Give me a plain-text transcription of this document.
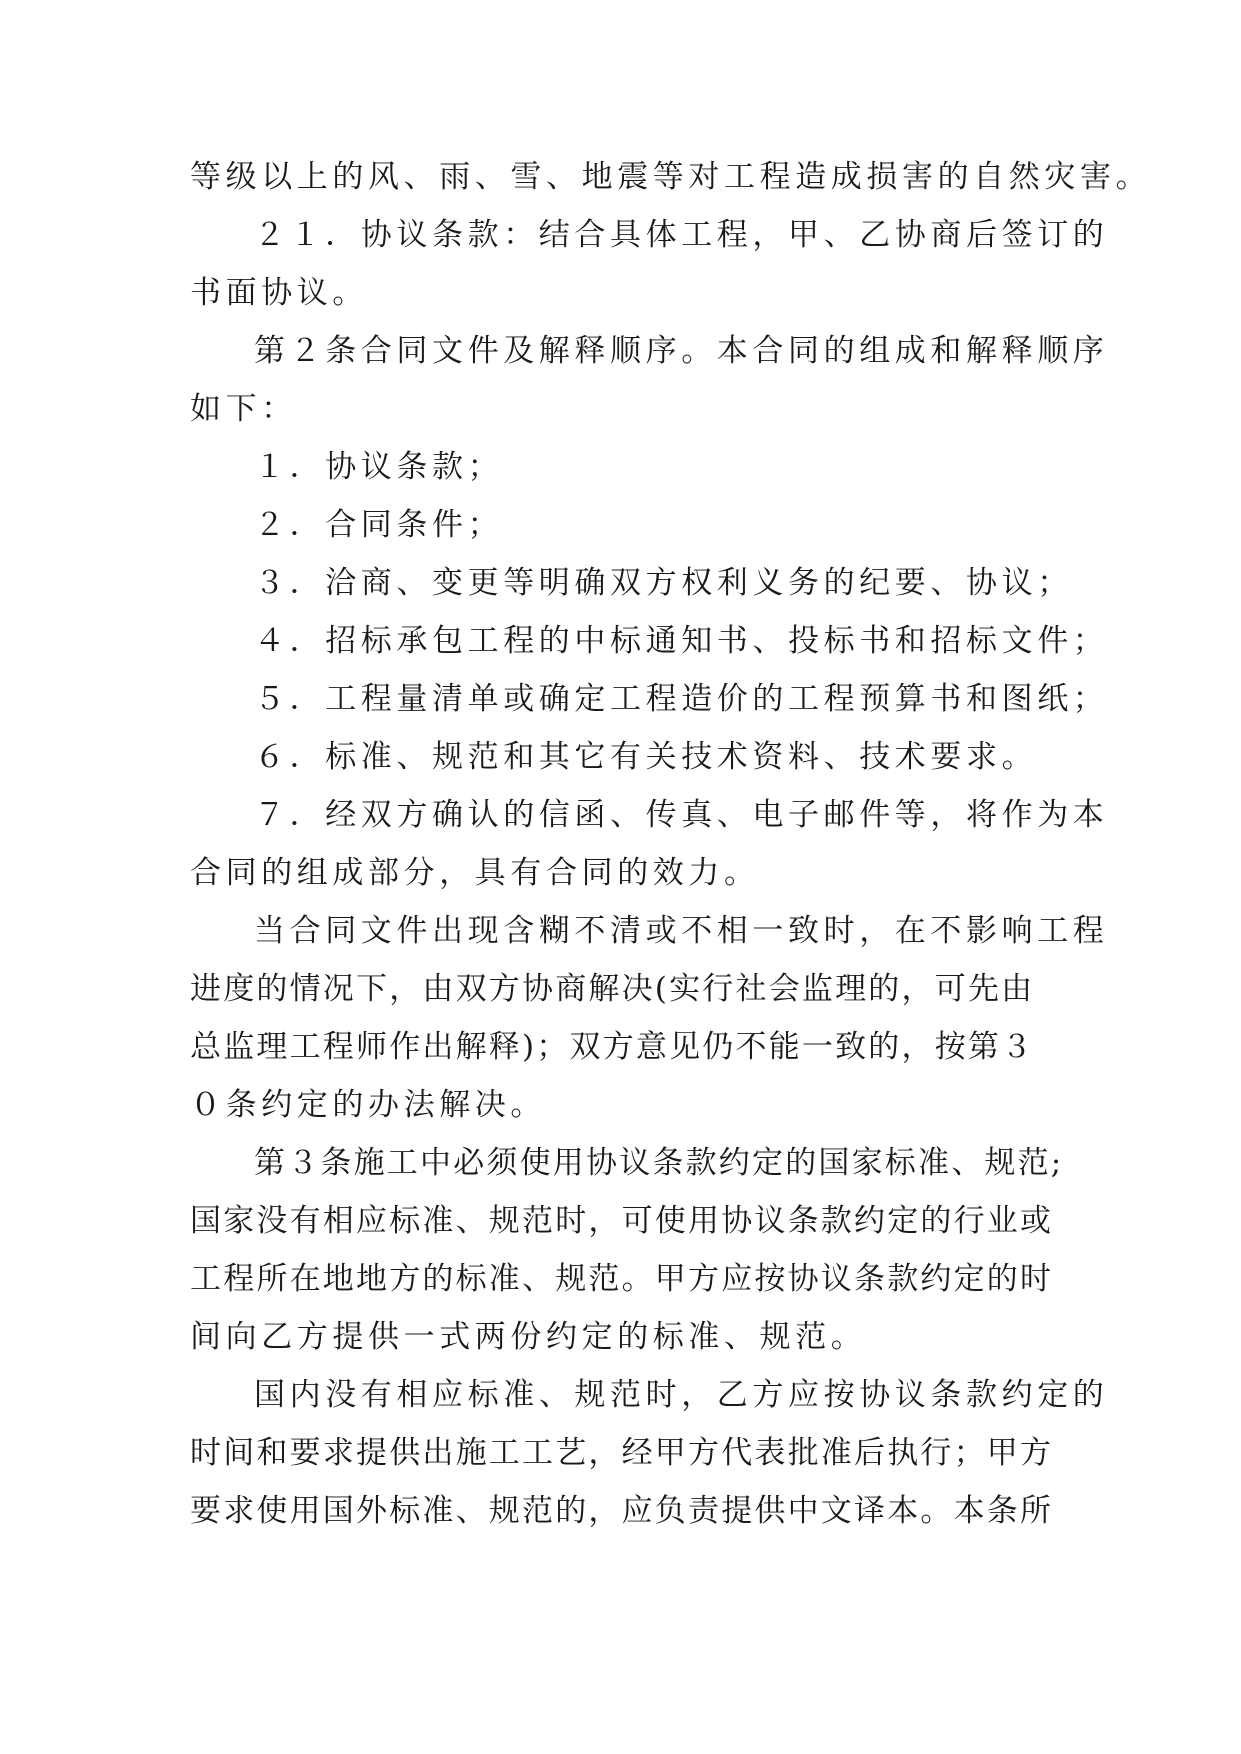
等级以上的风、雨、雪、地震等对工程造成损害的自然灾害。
２１．协议条款：结合具体工程，甲、乙协商后签订的
书面协议。
第２条合同文件及解释顺序。本合同的组成和解释顺序
如下：
１．协议条款；
２．合同条件；
３．洽商、变更等明确双方权利义务的纪要、协议；
４．招标承包工程的中标通知书、投标书和招标文件；
５．工程量清单或确定工程造价的工程预算书和图纸；
６．标准、规范和其它有关技术资料、技术要求。
７．经双方确认的信函、传真、电子邮件等，将作为本
合同的组成部分，具有合同的效力。
当合同文件出现含糊不清或不相一致时，在不影响工程
进度的情况下，由双方协商解决(实行社会监理的，可先由
总监理工程师作出解释)；双方意见仍不能一致的，按第３
０条约定的办法解决。
第３条施工中必须使用协议条款约定的国家标准、规范;
国家没有相应标准、规范时，可使用协议条款约定的行业或
工程所在地地方的标准、规范。甲方应按协议条款约定的时
间向乙方提供一式两份约定的标准、规范。
国内没有相应标准、规范时，乙方应按协议条款约定的
时间和要求提供出施工工艺，经甲方代表批准后执行；甲方
要求使用国外标准、规范的，应负责提供中文译本。本条所
